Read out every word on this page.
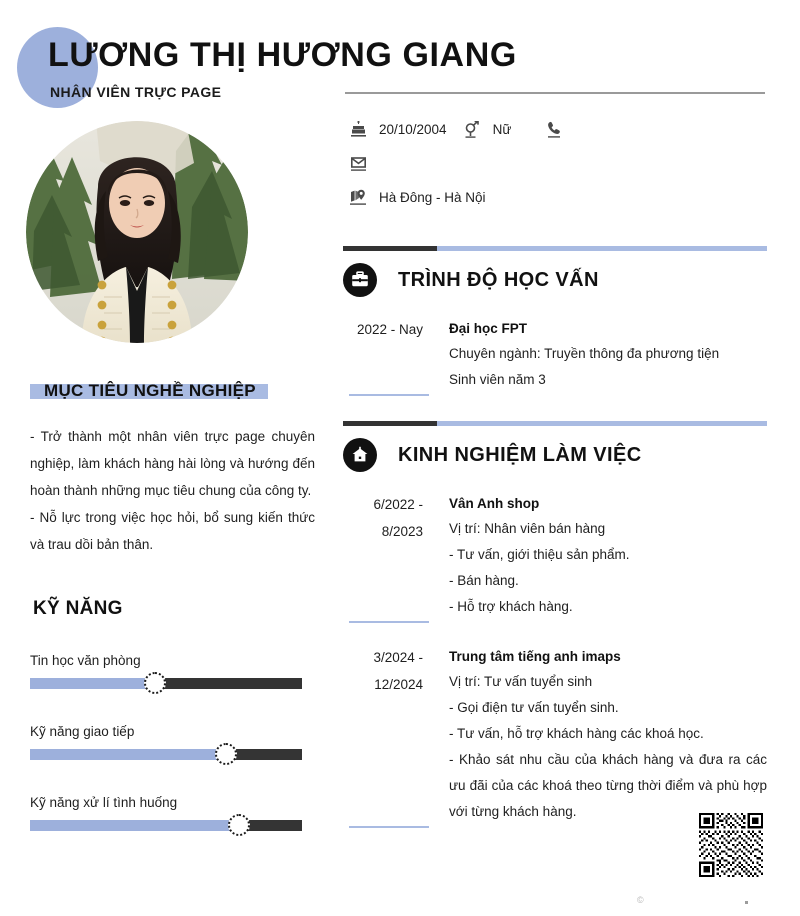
LƯƠNG THỊ HƯƠNG GIANG
NHÂN VIÊN TRỰC PAGE
MỤC TIÊU NGHỀ NGHIỆP

- Trở thành một nhân viên trực page chuyên nghiệp, làm khách hàng hài lòng và hướng đến hoàn thành những mục tiêu chung của công ty.

- Nỗ lực trong việc học hỏi, bổ sung kiến thức và trau dồi bản thân.

KỸ NĂNG
Tin học văn phòng
Kỹ năng giao tiếp
Kỹ năng xử lí tình huống
20/10/2004	Nữ
Hà Đông - Hà Nội
TRÌNH ĐỘ HỌC VẤN
2022 - Nay	Đại học FPT
Chuyên ngành: Truyền thông đa phương tiện
Sinh viên năm 3
KINH NGHIỆM LÀM VIỆC
6/2022 -
8/2023
Vân Anh shop
Vị trí: Nhân viên bán hàng
- Tư vấn, giới thiệu sản phẩm.
- Bán hàng.
- Hỗ trợ khách hàng.
3/2024 -
12/2024
Trung tâm tiếng anh imaps
Vị trí: Tư vấn tuyển sinh
- Gọi điện tư vấn tuyển sinh.
- Tư vấn, hỗ trợ khách hàng các khoá học.
- Khảo sát nhu cầu của khách hàng và đưa ra các ưu đãi của các khoá theo từng thời điểm và phù hợp với từng khách hàng.
©
